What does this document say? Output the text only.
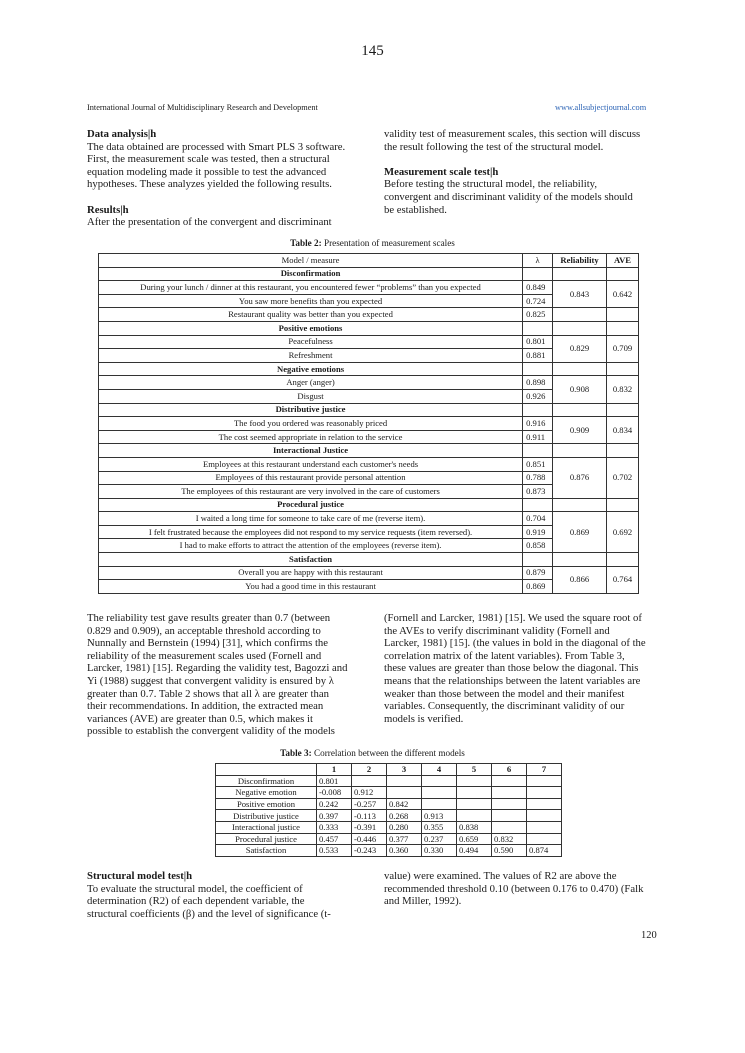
145
International Journal of Multidisciplinary Research and Development	www.allsubjectjournal.com
Data analysis|h

The data obtained are processed with Smart PLS 3 software.

First, the measurement scale was tested, then a structural

equation modeling made it possible to test the advanced

hypotheses. These analyzes yielded the following results.

Results|h

After the presentation of the convergent and discriminant

validity test of measurement scales, this section will discuss

the result following the test of the structural model.

Measurement scale test|h

Before testing the structural model, the reliability,

convergent and discriminant validity of the models should

be established.

Table 2: Presentation of measurement scales
Model / measure	λ	Reliability	AVE
Disconfirmation			
During your lunch / dinner at this restaurant, you encountered fewer “problems” than you expected	0.849	0.843	0.642
You saw more benefits than you expected	0.724		
Restaurant quality was better than you expected	0.825		
Positive emotions			
Peacefulness	0.801	0.829	0.709
Refreshment	0.881		
Negative emotions			
Anger (anger)	0.898	0.908	0.832
Disgust	0.926		
Distributive justice			
The food you ordered was reasonably priced	0.916	0.909	0.834
The cost seemed appropriate in relation to the service	0.911		
Interactional Justice			
Employees at this restaurant understand each customer's needs	0.851	0.876	0.702
Employees of this restaurant provide personal attention	0.788		
The employees of this restaurant are very involved in the care of customers	0.873		
Procedural justice			
I waited a long time for someone to take care of me (reverse item).	0.704	0.869	0.692
I felt frustrated because the employees did not respond to my service requests (item reversed).	0.919		
I had to make efforts to attract the attention of the employees (reverse item).	0.858		
Satisfaction			
Overall you are happy with this restaurant	0.879	0.866	0.764
You had a good time in this restaurant	0.869		

The reliability test gave results greater than 0.7 (between

0.829 and 0.909), an acceptable threshold according to

Nunnally and Bernstein (1994) [31], which confirms the

reliability of the measurement scales used (Fornell and

Larcker, 1981) [15]. Regarding the validity test, Bagozzi and

Yi (1988) suggest that convergent validity is ensured by λ

greater than 0.7. Table 2 shows that all λ are greater than

their recommendations. In addition, the extracted mean

variances (AVE) are greater than 0.5, which makes it

possible to establish the convergent validity of the models

(Fornell and Larcker, 1981) [15]. We used the square root of

the AVEs to verify discriminant validity (Fornell and

Larcker, 1981) [15]. (the values in bold in the diagonal of the

correlation matrix of the latent variables). From Table 3,

these values are greater than those below the diagonal. This

means that the relationships between the latent variables are

weaker than those between the model and their manifest

variables. Consequently, the discriminant validity of our

models is verified.

Table 3: Correlation between the different models
	1	2	3	4	5	6	7
Disconfirmation	0.801						
Negative emotion	-0.008	0.912					
Positive emotion	0.242	-0.257	0.842				
Distributive justice	0.397	-0.113	0.268	0.913			
Interactional justice	0.333	-0.391	0.280	0.355	0.838		
Procedural justice	0.457	-0.446	0.377	0.237	0.659	0.832	
Satisfaction	0.533	-0.243	0.360	0.330	0.494	0.590	0.874
Structural model test|h

To evaluate the structural model, the coefficient of

determination (R2) of each dependent variable, the

structural coefficients (β) and the level of significance (t-

value) were examined. The values of R2 are above the

recommended threshold 0.10 (between 0.176 to 0.470) (Falk

and Miller, 1992).

120
